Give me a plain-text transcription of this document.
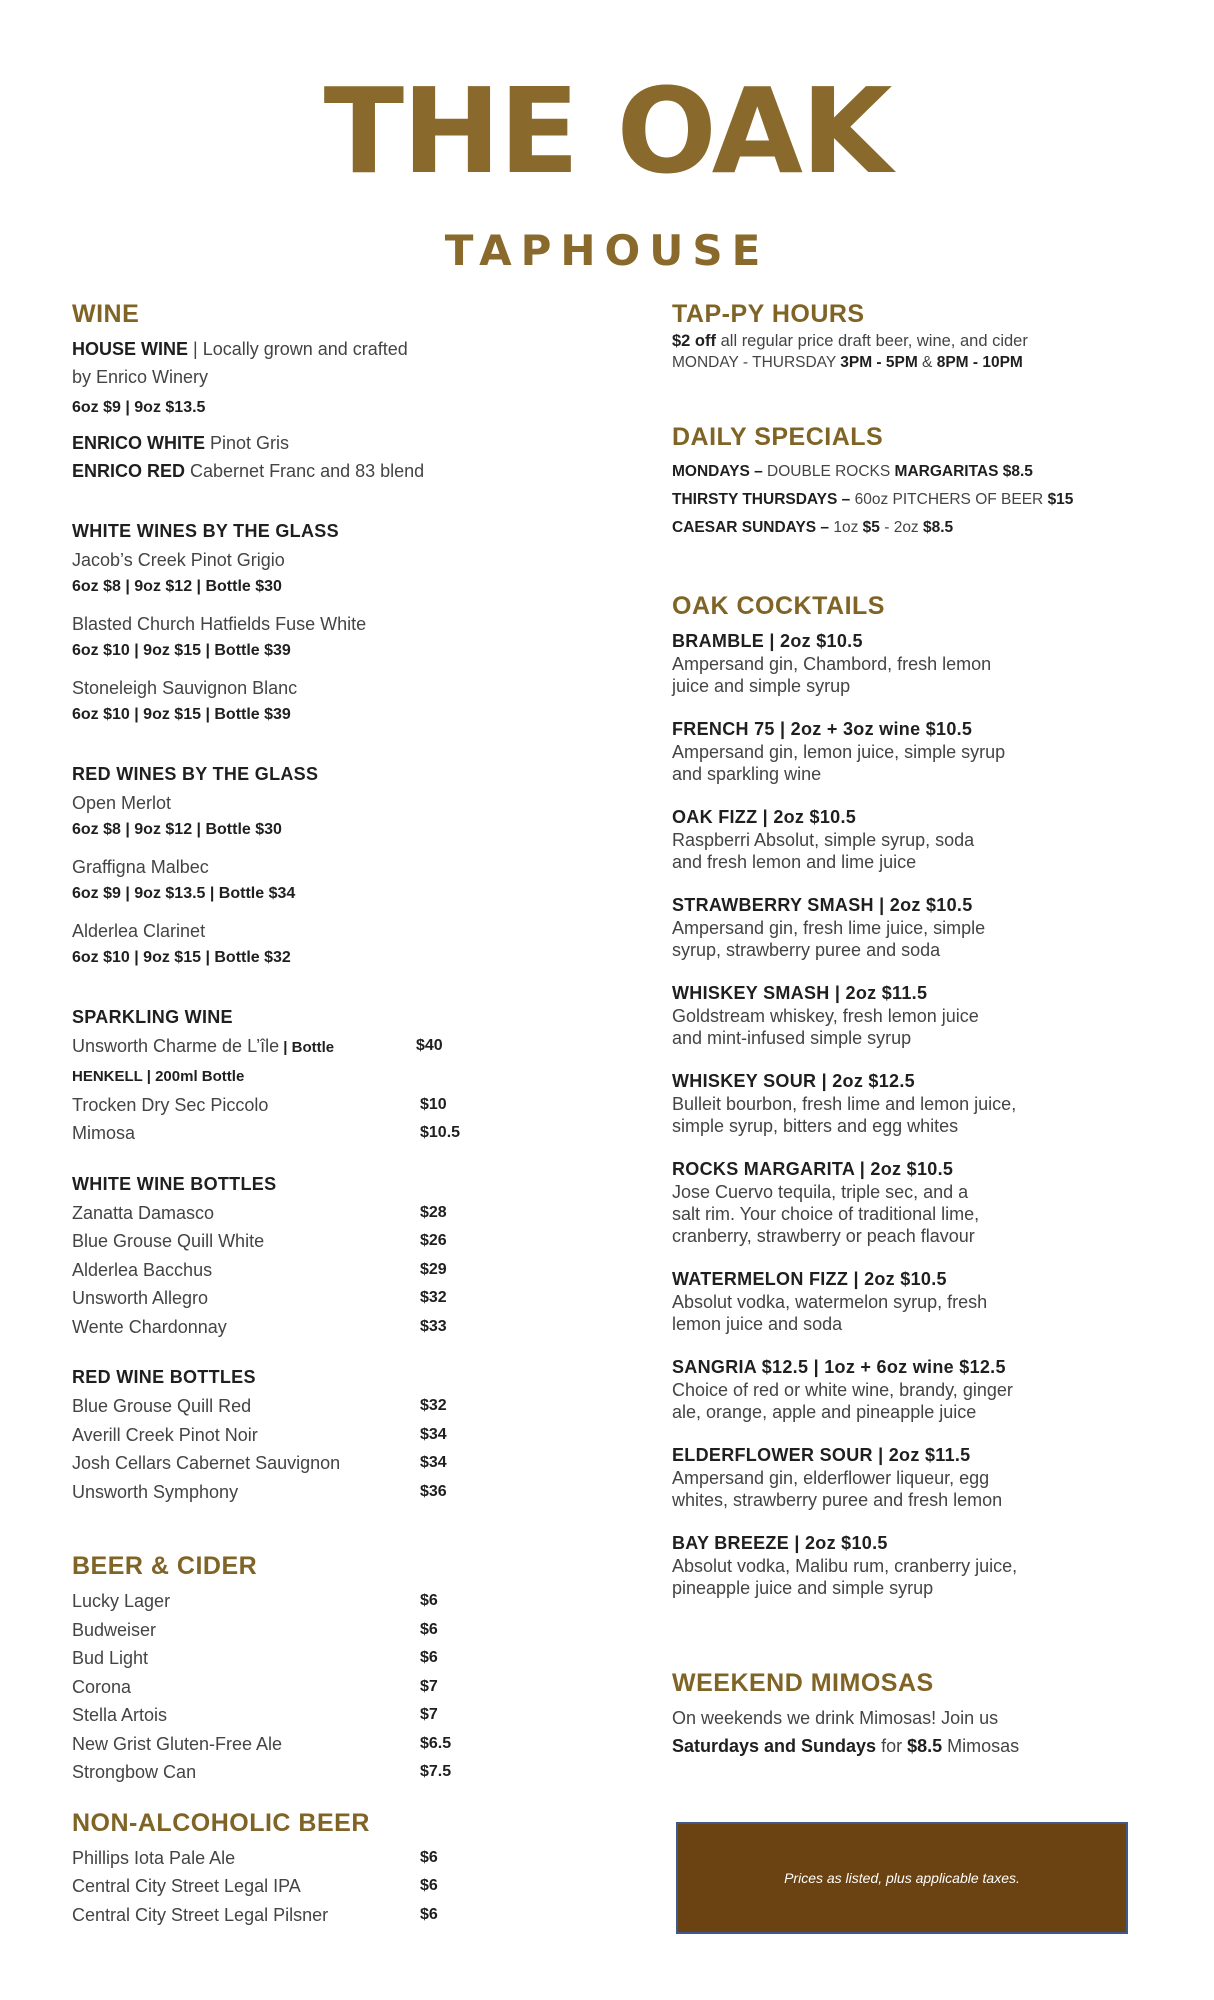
THE OAK
TAPHOUSE
WINE
HOUSE WINE | Locally grown and crafted
by Enrico Winery
6oz $9 | 9oz $13.5
ENRICO WHITE Pinot Gris
ENRICO RED Cabernet Franc and 83 blend
WHITE WINES BY THE GLASS
Jacob’s Creek Pinot Grigio
6oz $8 | 9oz $12 | Bottle $30
Blasted Church Hatfields Fuse White
6oz $10 | 9oz $15 | Bottle $39
Stoneleigh Sauvignon Blanc
6oz $10 | 9oz $15 | Bottle $39
RED WINES BY THE GLASS
Open Merlot
6oz $8 | 9oz $12 | Bottle $30
Graffigna Malbec
6oz $9 | 9oz $13.5 | Bottle $34
Alderlea Clarinet
6oz $10 | 9oz $15 | Bottle $32
SPARKLING WINE
Unsworth Charme de L’île | Bottle	$40
HENKELL | 200ml Bottle
Trocken Dry Sec Piccolo	$10
Mimosa	$10.5
WHITE WINE BOTTLES
Zanatta Damasco	$28
Blue Grouse Quill White	$26
Alderlea Bacchus	$29
Unsworth Allegro	$32
Wente Chardonnay	$33
RED WINE BOTTLES
Blue Grouse Quill Red	$32
Averill Creek Pinot Noir	$34
Josh Cellars Cabernet Sauvignon	$34
Unsworth Symphony	$36
BEER & CIDER
Lucky Lager	$6
Budweiser	$6
Bud Light	$6
Corona	$7
Stella Artois	$7
New Grist Gluten-Free Ale	$6.5
Strongbow Can	$7.5
NON-ALCOHOLIC BEER
Phillips Iota Pale Ale	$6
Central City Street Legal IPA	$6
Central City Street Legal Pilsner	$6
TAP-PY HOURS
$2 off all regular price draft beer, wine, and cider
MONDAY - THURSDAY 3PM - 5PM & 8PM - 10PM
DAILY SPECIALS
MONDAYS – DOUBLE ROCKS MARGARITAS $8.5
THIRSTY THURSDAYS – 60oz PITCHERS OF BEER $15
CAESAR SUNDAYS – 1oz $5 - 2oz $8.5
OAK COCKTAILS
BRAMBLE | 2oz $10.5
Ampersand gin, Chambord, fresh lemon
juice and simple syrup
FRENCH 75 | 2oz + 3oz wine $10.5
Ampersand gin, lemon juice, simple syrup
and sparkling wine
OAK FIZZ | 2oz $10.5
Raspberri Absolut, simple syrup, soda
and fresh lemon and lime juice
STRAWBERRY SMASH | 2oz $10.5
Ampersand gin, fresh lime juice, simple
syrup, strawberry puree and soda
WHISKEY SMASH | 2oz $11.5
Goldstream whiskey, fresh lemon juice
and mint-infused simple syrup
WHISKEY SOUR | 2oz $12.5
Bulleit bourbon, fresh lime and lemon juice,
simple syrup, bitters and egg whites
ROCKS MARGARITA | 2oz $10.5
Jose Cuervo tequila, triple sec, and a
salt rim. Your choice of traditional lime,
cranberry, strawberry or peach flavour
WATERMELON FIZZ | 2oz $10.5
Absolut vodka, watermelon syrup, fresh
lemon juice and soda
SANGRIA $12.5 | 1oz + 6oz wine $12.5
Choice of red or white wine, brandy, ginger
ale, orange, apple and pineapple juice
ELDERFLOWER SOUR | 2oz $11.5
Ampersand gin, elderflower liqueur, egg
whites, strawberry puree and fresh lemon
BAY BREEZE | 2oz $10.5
Absolut vodka, Malibu rum, cranberry juice,
pineapple juice and simple syrup
WEEKEND MIMOSAS
On weekends we drink Mimosas! Join us
Saturdays and Sundays for $8.5 Mimosas
Prices as listed, plus applicable taxes.
